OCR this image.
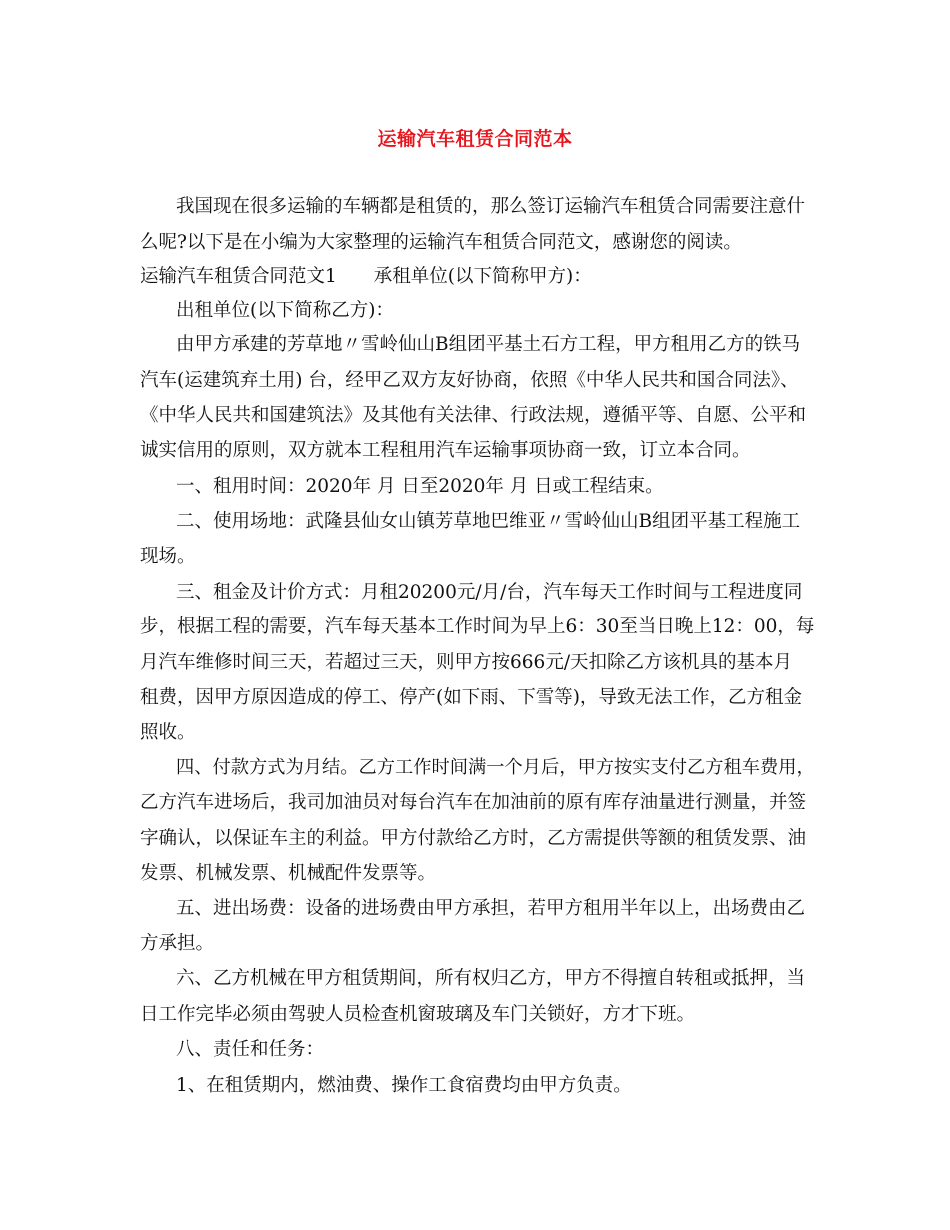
运输汽车租赁合同范本
我国现在很多运输的车辆都是租赁的，那么签订运输汽车租赁合同需要注意什
么呢?以下是在小编为大家整理的运输汽车租赁合同范文，感谢您的阅读。
运输汽车租赁合同范文1　　承租单位(以下简称甲方)：
出租单位(以下简称乙方)：
由甲方承建的芳草地〃雪岭仙山B组团平基土石方工程，甲方租用乙方的铁马
汽车(运建筑弃土用) 台，经甲乙双方友好协商，依照《中华人民共和国合同法》、
《中华人民共和国建筑法》及其他有关法律、行政法规，遵循平等、自愿、公平和
诚实信用的原则，双方就本工程租用汽车运输事项协商一致，订立本合同。
一、租用时间：2020年 月 日至2020年 月 日或工程结束。
二、使用场地：武隆县仙女山镇芳草地巴维亚〃雪岭仙山B组团平基工程施工
现场。
三、租金及计价方式：月租20200元/月/台，汽车每天工作时间与工程进度同
步，根据工程的需要，汽车每天基本工作时间为早上6：30至当日晚上12：00，每
月汽车维修时间三天，若超过三天，则甲方按666元/天扣除乙方该机具的基本月
租费，因甲方原因造成的停工、停产(如下雨、下雪等)，导致无法工作，乙方租金
照收。
四、付款方式为月结。乙方工作时间满一个月后，甲方按实支付乙方租车费用，
乙方汽车进场后，我司加油员对每台汽车在加油前的原有库存油量进行测量，并签
字确认，以保证车主的利益。甲方付款给乙方时，乙方需提供等额的租赁发票、油
发票、机械发票、机械配件发票等。
五、进出场费：设备的进场费由甲方承担，若甲方租用半年以上，出场费由乙
方承担。
六、乙方机械在甲方租赁期间，所有权归乙方，甲方不得擅自转租或抵押，当
日工作完毕必须由驾驶人员检查机窗玻璃及车门关锁好，方才下班。
八、责任和任务：
1、在租赁期内，燃油费、操作工食宿费均由甲方负责。
